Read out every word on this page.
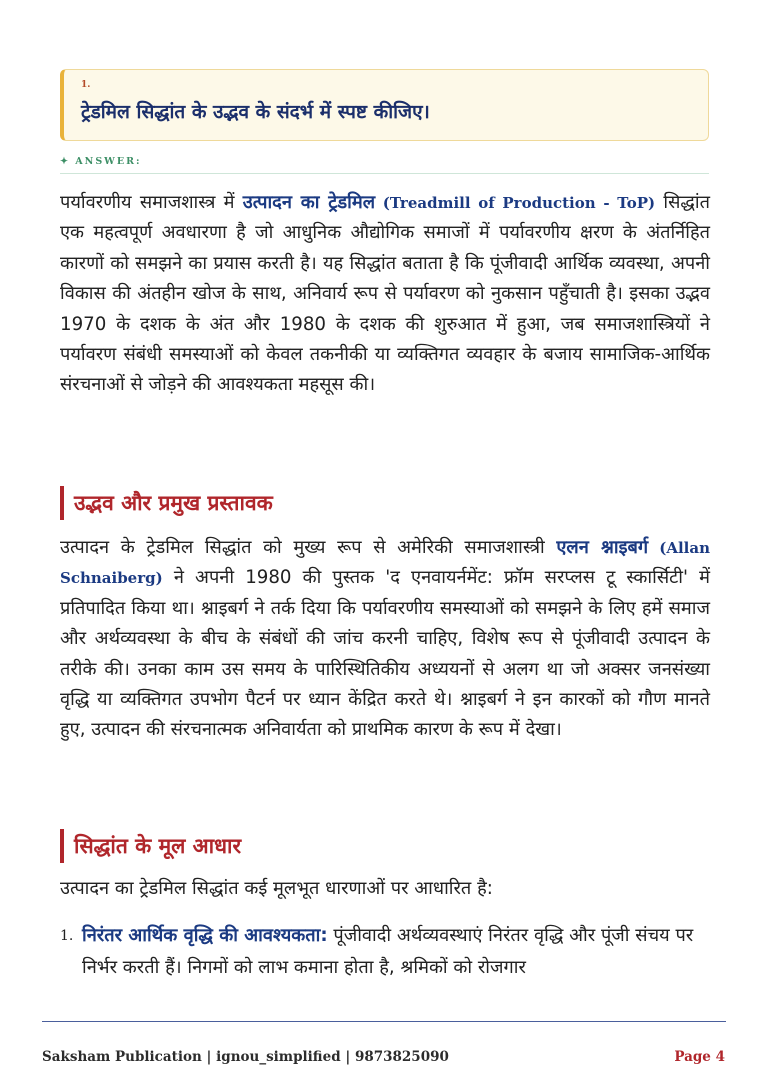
1.
ट्रेडमिल सिद्धांत के उद्भव के संदर्भ में स्पष्ट कीजिए।
✦ ANSWER:

पर्यावरणीय समाजशास्त्र में उत्पादन का ट्रेडमिल (Treadmill of Production - ToP) सिद्धांत एक महत्वपूर्ण अवधारणा है जो आधुनिक औद्योगिक समाजों में पर्यावरणीय क्षरण के अंतर्निहित कारणों को समझने का प्रयास करती है। यह सिद्धांत बताता है कि पूंजीवादी आर्थिक व्यवस्था, अपनी विकास की अंतहीन खोज के साथ, अनिवार्य रूप से पर्यावरण को नुकसान पहुँचाती है। इसका उद्भव 1970 के दशक के अंत और 1980 के दशक की शुरुआत में हुआ, जब समाजशास्त्रियों ने पर्यावरण संबंधी समस्याओं को केवल तकनीकी या व्यक्तिगत व्यवहार के बजाय सामाजिक-आर्थिक संरचनाओं से जोड़ने की आवश्यकता महसूस की।

उद्भव और प्रमुख प्रस्तावक

उत्पादन के ट्रेडमिल सिद्धांत को मुख्य रूप से अमेरिकी समाजशास्त्री एलन श्नाइबर्ग (Allan Schnaiberg) ने अपनी 1980 की पुस्तक 'द एनवायर्नमेंट: फ्रॉम सरप्लस टू स्कार्सिटी' में प्रतिपादित किया था। श्नाइबर्ग ने तर्क दिया कि पर्यावरणीय समस्याओं को समझने के लिए हमें समाज और अर्थव्यवस्था के बीच के संबंधों की जांच करनी चाहिए, विशेष रूप से पूंजीवादी उत्पादन के तरीके की। उनका काम उस समय के पारिस्थितिकीय अध्ययनों से अलग था जो अक्सर जनसंख्या वृद्धि या व्यक्तिगत उपभोग पैटर्न पर ध्यान केंद्रित करते थे। श्नाइबर्ग ने इन कारकों को गौण मानते हुए, उत्पादन की संरचनात्मक अनिवार्यता को प्राथमिक कारण के रूप में देखा।

सिद्धांत के मूल आधार

उत्पादन का ट्रेडमिल सिद्धांत कई मूलभूत धारणाओं पर आधारित है:

1. निरंतर आर्थिक वृद्धि की आवश्यकता: पूंजीवादी अर्थव्यवस्थाएं निरंतर वृद्धि और पूंजी संचय पर निर्भर करती हैं। निगमों को लाभ कमाना होता है, श्रमिकों को रोजगार
Saksham Publication | ignou_simplified | 9873825090	Page 4
